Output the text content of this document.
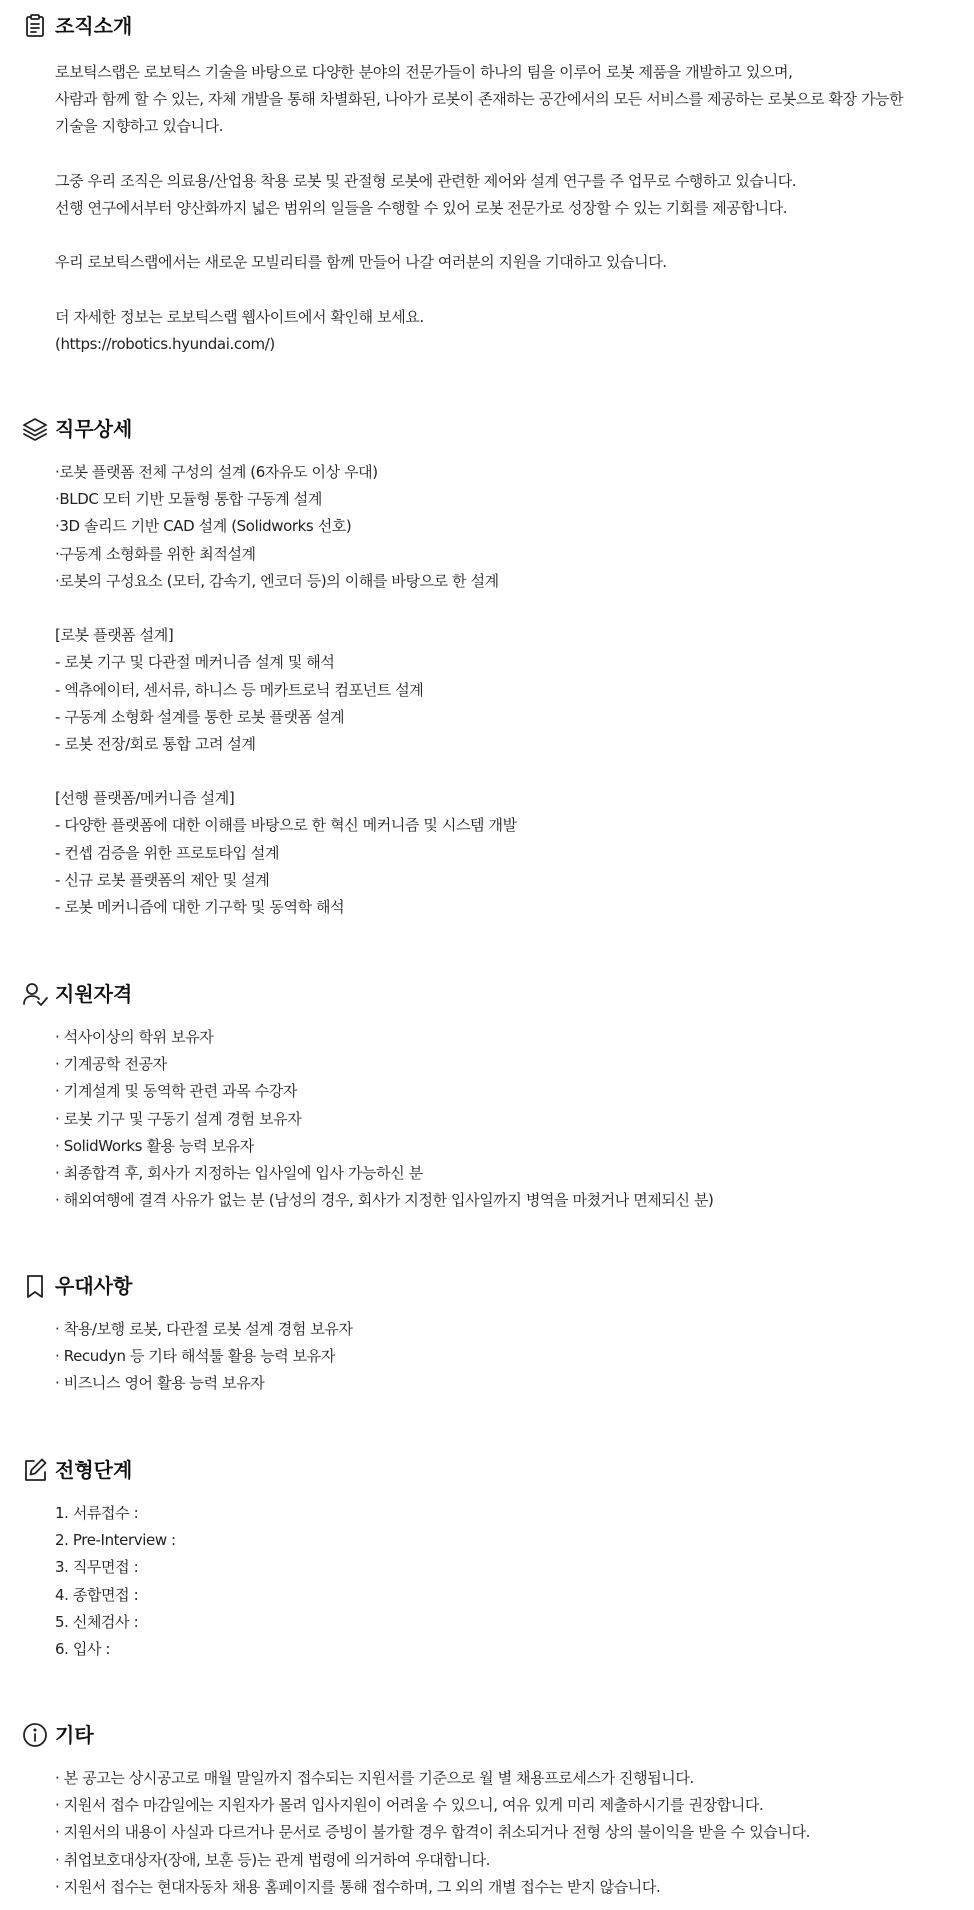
조직소개
로보틱스랩은 로보틱스 기술을 바탕으로 다양한 분야의 전문가들이 하나의 팀을 이루어 로봇 제품을 개발하고 있으며,
사람과 함께 할 수 있는, 자체 개발을 통해 차별화된, 나아가 로봇이 존재하는 공간에서의 모든 서비스를 제공하는 로봇으로 확장 가능한
기술을 지향하고 있습니다.
그중 우리 조직은 의료용/산업용 착용 로봇 및 관절형 로봇에 관련한 제어와 설계 연구를 주 업무로 수행하고 있습니다.
선행 연구에서부터 양산화까지 넓은 범위의 일들을 수행할 수 있어 로봇 전문가로 성장할 수 있는 기회를 제공합니다.
우리 로보틱스랩에서는 새로운 모빌리티를 함께 만들어 나갈 여러분의 지원을 기대하고 있습니다.
더 자세한 정보는 로보틱스랩 웹사이트에서 확인해 보세요.
(https://robotics.hyundai.com/)
직무상세
·로봇 플랫폼 전체 구성의 설계 (6자유도 이상 우대)
·BLDC 모터 기반 모듈형 통합 구동계 설계
·3D 솔리드 기반 CAD 설계 (Solidworks 선호)
·구동계 소형화를 위한 최적설계
·로봇의 구성요소 (모터, 감속기, 엔코더 등)의 이해를 바탕으로 한 설계
[로봇 플랫폼 설계]
- 로봇 기구 및 다관절 메커니즘 설계 및 해석
- 엑츄에이터, 센서류, 하니스 등 메카트로닉 컴포넌트 설계
- 구동계 소형화 설계를 통한 로봇 플랫폼 설계
- 로봇 전장/회로 통합 고려 설계
[선행 플랫폼/메커니즘 설계]
- 다양한 플랫폼에 대한 이해를 바탕으로 한 혁신 메커니즘 및 시스템 개발
- 컨셉 검증을 위한 프로토타입 설계
- 신규 로봇 플랫폼의 제안 및 설계
- 로봇 메커니즘에 대한 기구학 및 동역학 해석
지원자격
· 석사이상의 학위 보유자
· 기계공학 전공자
· 기계설계 및 동역학 관련 과목 수강자
· 로봇 기구 및 구동기 설계 경험 보유자
· SolidWorks 활용 능력 보유자
· 최종합격 후, 회사가 지정하는 입사일에 입사 가능하신 분
· 해외여행에 결격 사유가 없는 분 (남성의 경우, 회사가 지정한 입사일까지 병역을 마쳤거나 면제되신 분)
우대사항
· 착용/보행 로봇, 다관절 로봇 설계 경험 보유자
· Recudyn 등 기타 해석툴 활용 능력 보유자
· 비즈니스 영어 활용 능력 보유자
전형단계
1. 서류접수 :
2. Pre-Interview :
3. 직무면접 :
4. 종합면접 :
5. 신체검사 :
6. 입사 :
기타
· 본 공고는 상시공고로 매월 말일까지 접수되는 지원서를 기준으로 월 별 채용프로세스가 진행됩니다.
· 지원서 접수 마감일에는 지원자가 몰려 입사지원이 어려울 수 있으니, 여유 있게 미리 제출하시기를 권장합니다.
· 지원서의 내용이 사실과 다르거나 문서로 증빙이 불가할 경우 합격이 취소되거나 전형 상의 불이익을 받을 수 있습니다.
· 취업보호대상자(장애, 보훈 등)는 관계 법령에 의거하여 우대합니다.
· 지원서 접수는 현대자동차 채용 홈페이지를 통해 접수하며, 그 외의 개별 접수는 받지 않습니다.
